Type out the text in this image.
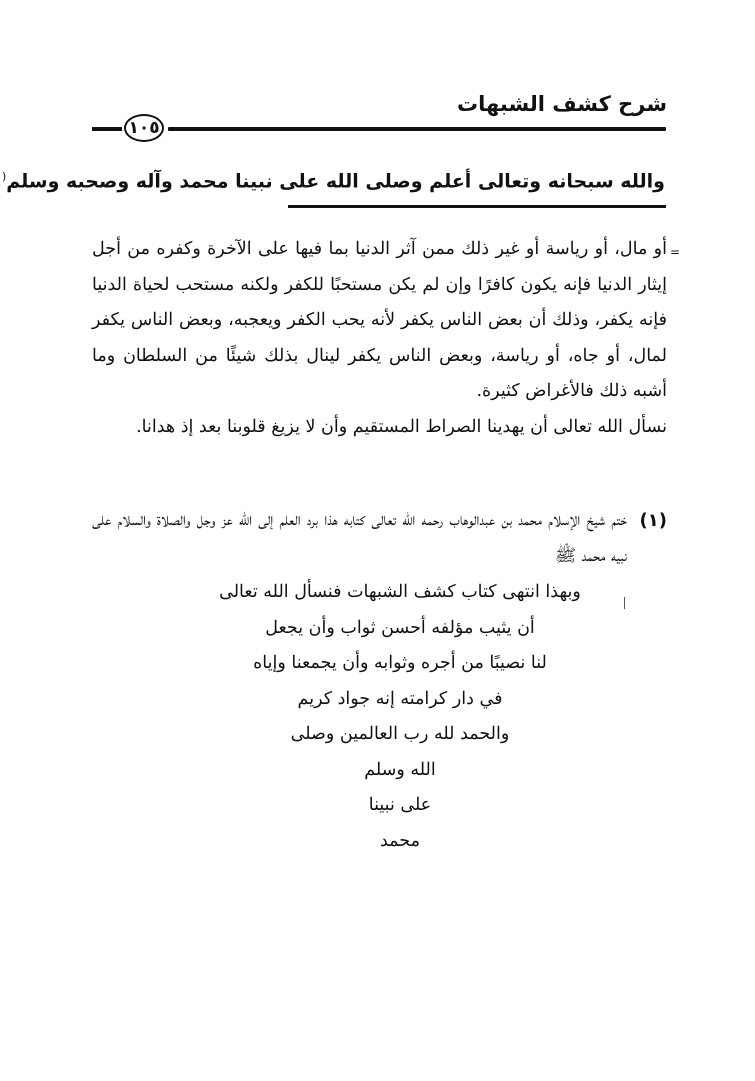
شرح كشف الشبهات
١٠٥
والله سبحانه وتعالى أعلم وصلى الله على نبينا محمد وآله وصحبه وسلم(
=

أو مال، أو رياسة أو غير ذلك ممن آثر الدنيا بما فيها على الآخرة وكفره من أجل إيثار الدنيا فإنه يكون كافرًا وإن لم يكن مستحبًا للكفر ولكنه مستحب لحياة الدنيا فإنه يكفر، وذلك أن بعض الناس يكفر لأنه يحب الكفر ويعجبه، وبعض الناس يكفر لمال، أو جاه، أو رياسة، وبعض الناس يكفر لينال بذلك شيئًا من السلطان وما أشبه ذلك فالأغراض كثيرة.

نسأل الله تعالى أن يهدينا الصراط المستقيم وأن لا يزيغ قلوبنا بعد إذ هدانا.

(١)

ختم شيخ الإسلام محمد بن عبدالوهاب رحمه الله تعالى كتابه هذا برد العلم إلى الله عز وجل والصلاة والسلام على نبيه محمد ﷺ

وبهذا انتهى كتاب كشف الشبهات فنسأل الله تعالى
أن يثيب مؤلفه أحسن ثواب وأن يجعل
لنا نصيبًا من أجره وثوابه وأن يجمعنا وإياه
في دار كرامته إنه جواد كريم
والحمد لله رب العالمين وصلى
الله وسلم
على نبينا
محمد
